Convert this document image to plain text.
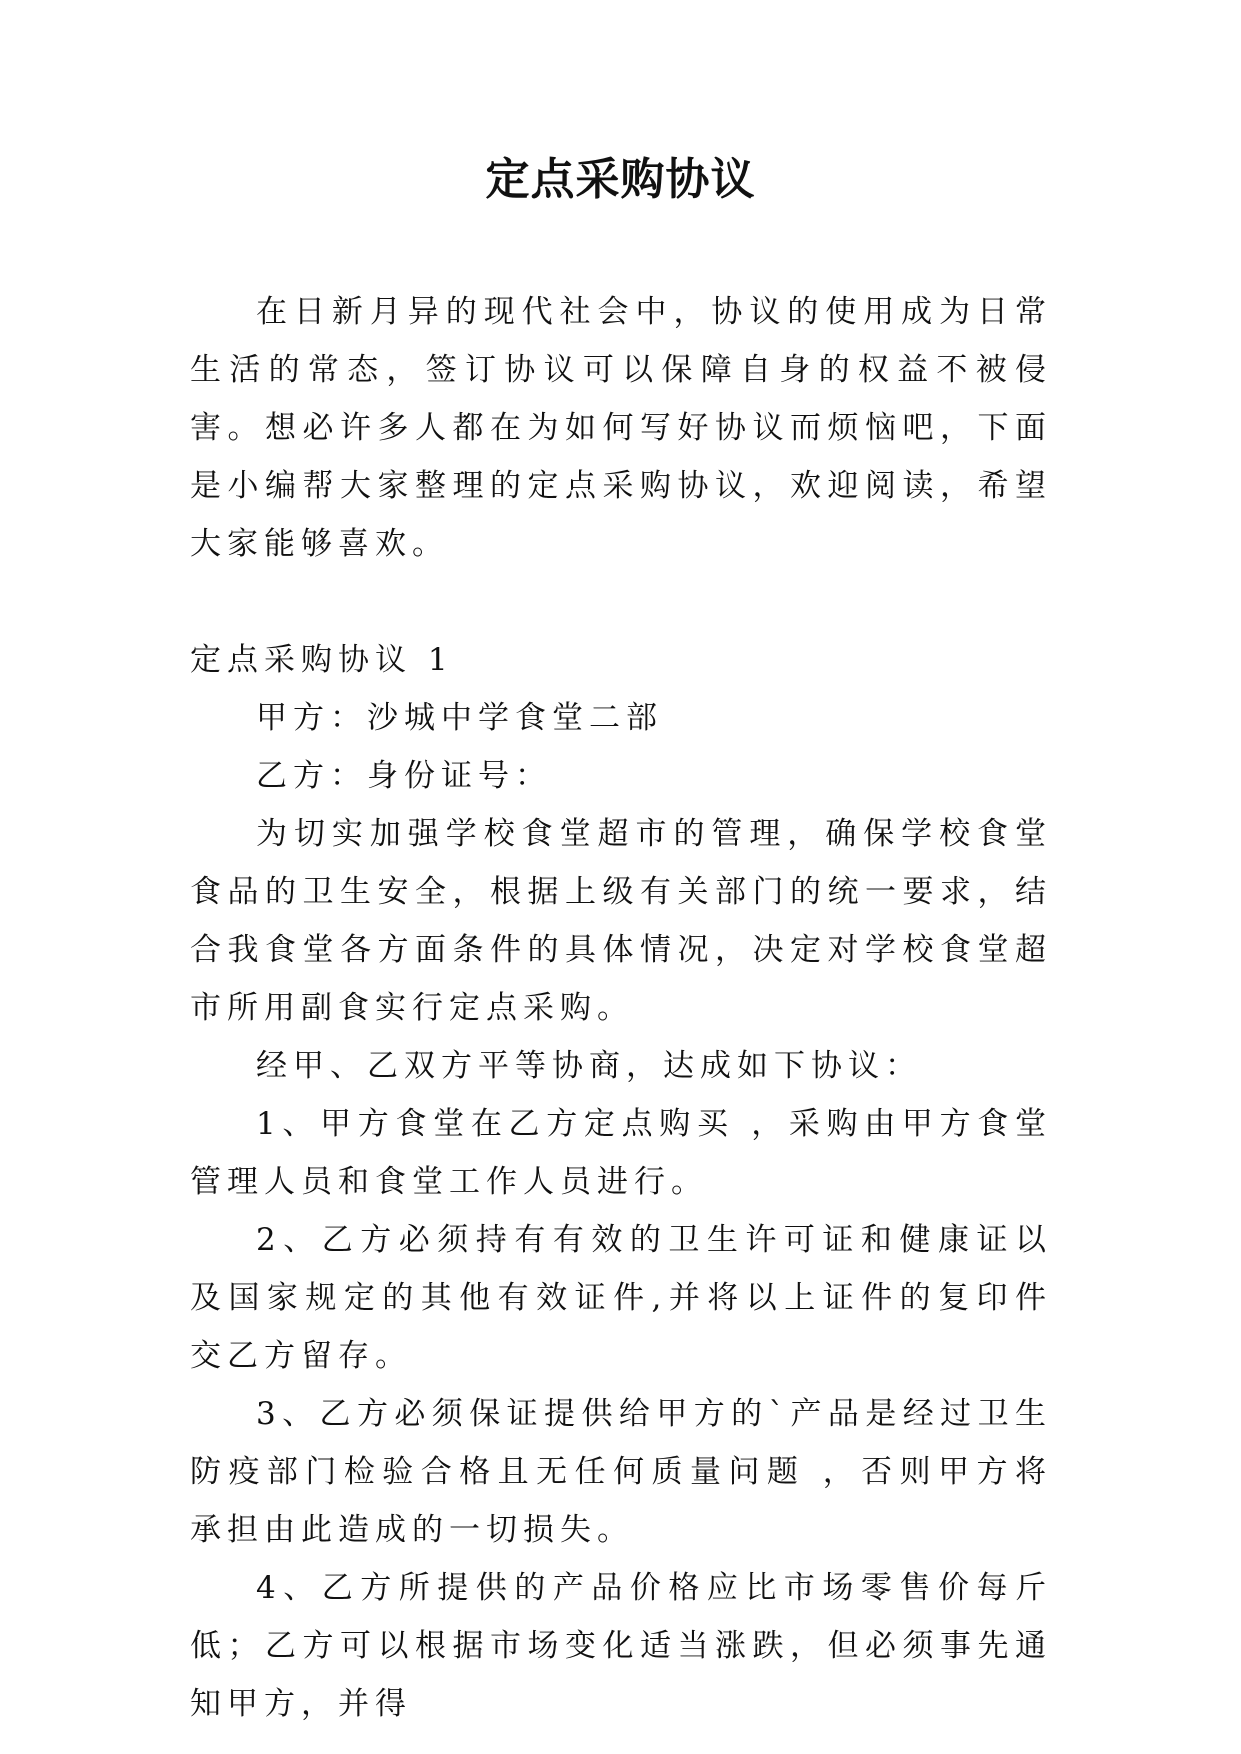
定点采购协议

在日新月异的现代社会中，协议的使用成为日常生活的常态，签订协议可以保障自身的权益不被侵害。想必许多人都在为如何写好协议而烦恼吧，下面是小编帮大家整理的定点采购协议，欢迎阅读，希望大家能够喜欢。

定点采购协议 1

甲方：沙城中学食堂二部

乙方：身份证号：

为切实加强学校食堂超市的管理，确保学校食堂食品的卫生安全，根据上级有关部门的统一要求，结合我食堂各方面条件的具体情况，决定对学校食堂超市所用副食实行定点采购。

经甲、乙双方平等协商，达成如下协议：

1、甲方食堂在乙方定点购买 ，采购由甲方食堂管理人员和食堂工作人员进行。

2、乙方必须持有有效的卫生许可证和健康证以及国家规定的其他有效证件,并将以上证件的复印件交乙方留存。

3、乙方必须保证提供给甲方的`产品是经过卫生防疫部门检验合格且无任何质量问题 ，否则甲方将承担由此造成的一切损失。

4、乙方所提供的产品价格应比市场零售价每斤低；乙方可以根据市场变化适当涨跌，但必须事先通知甲方，并得
